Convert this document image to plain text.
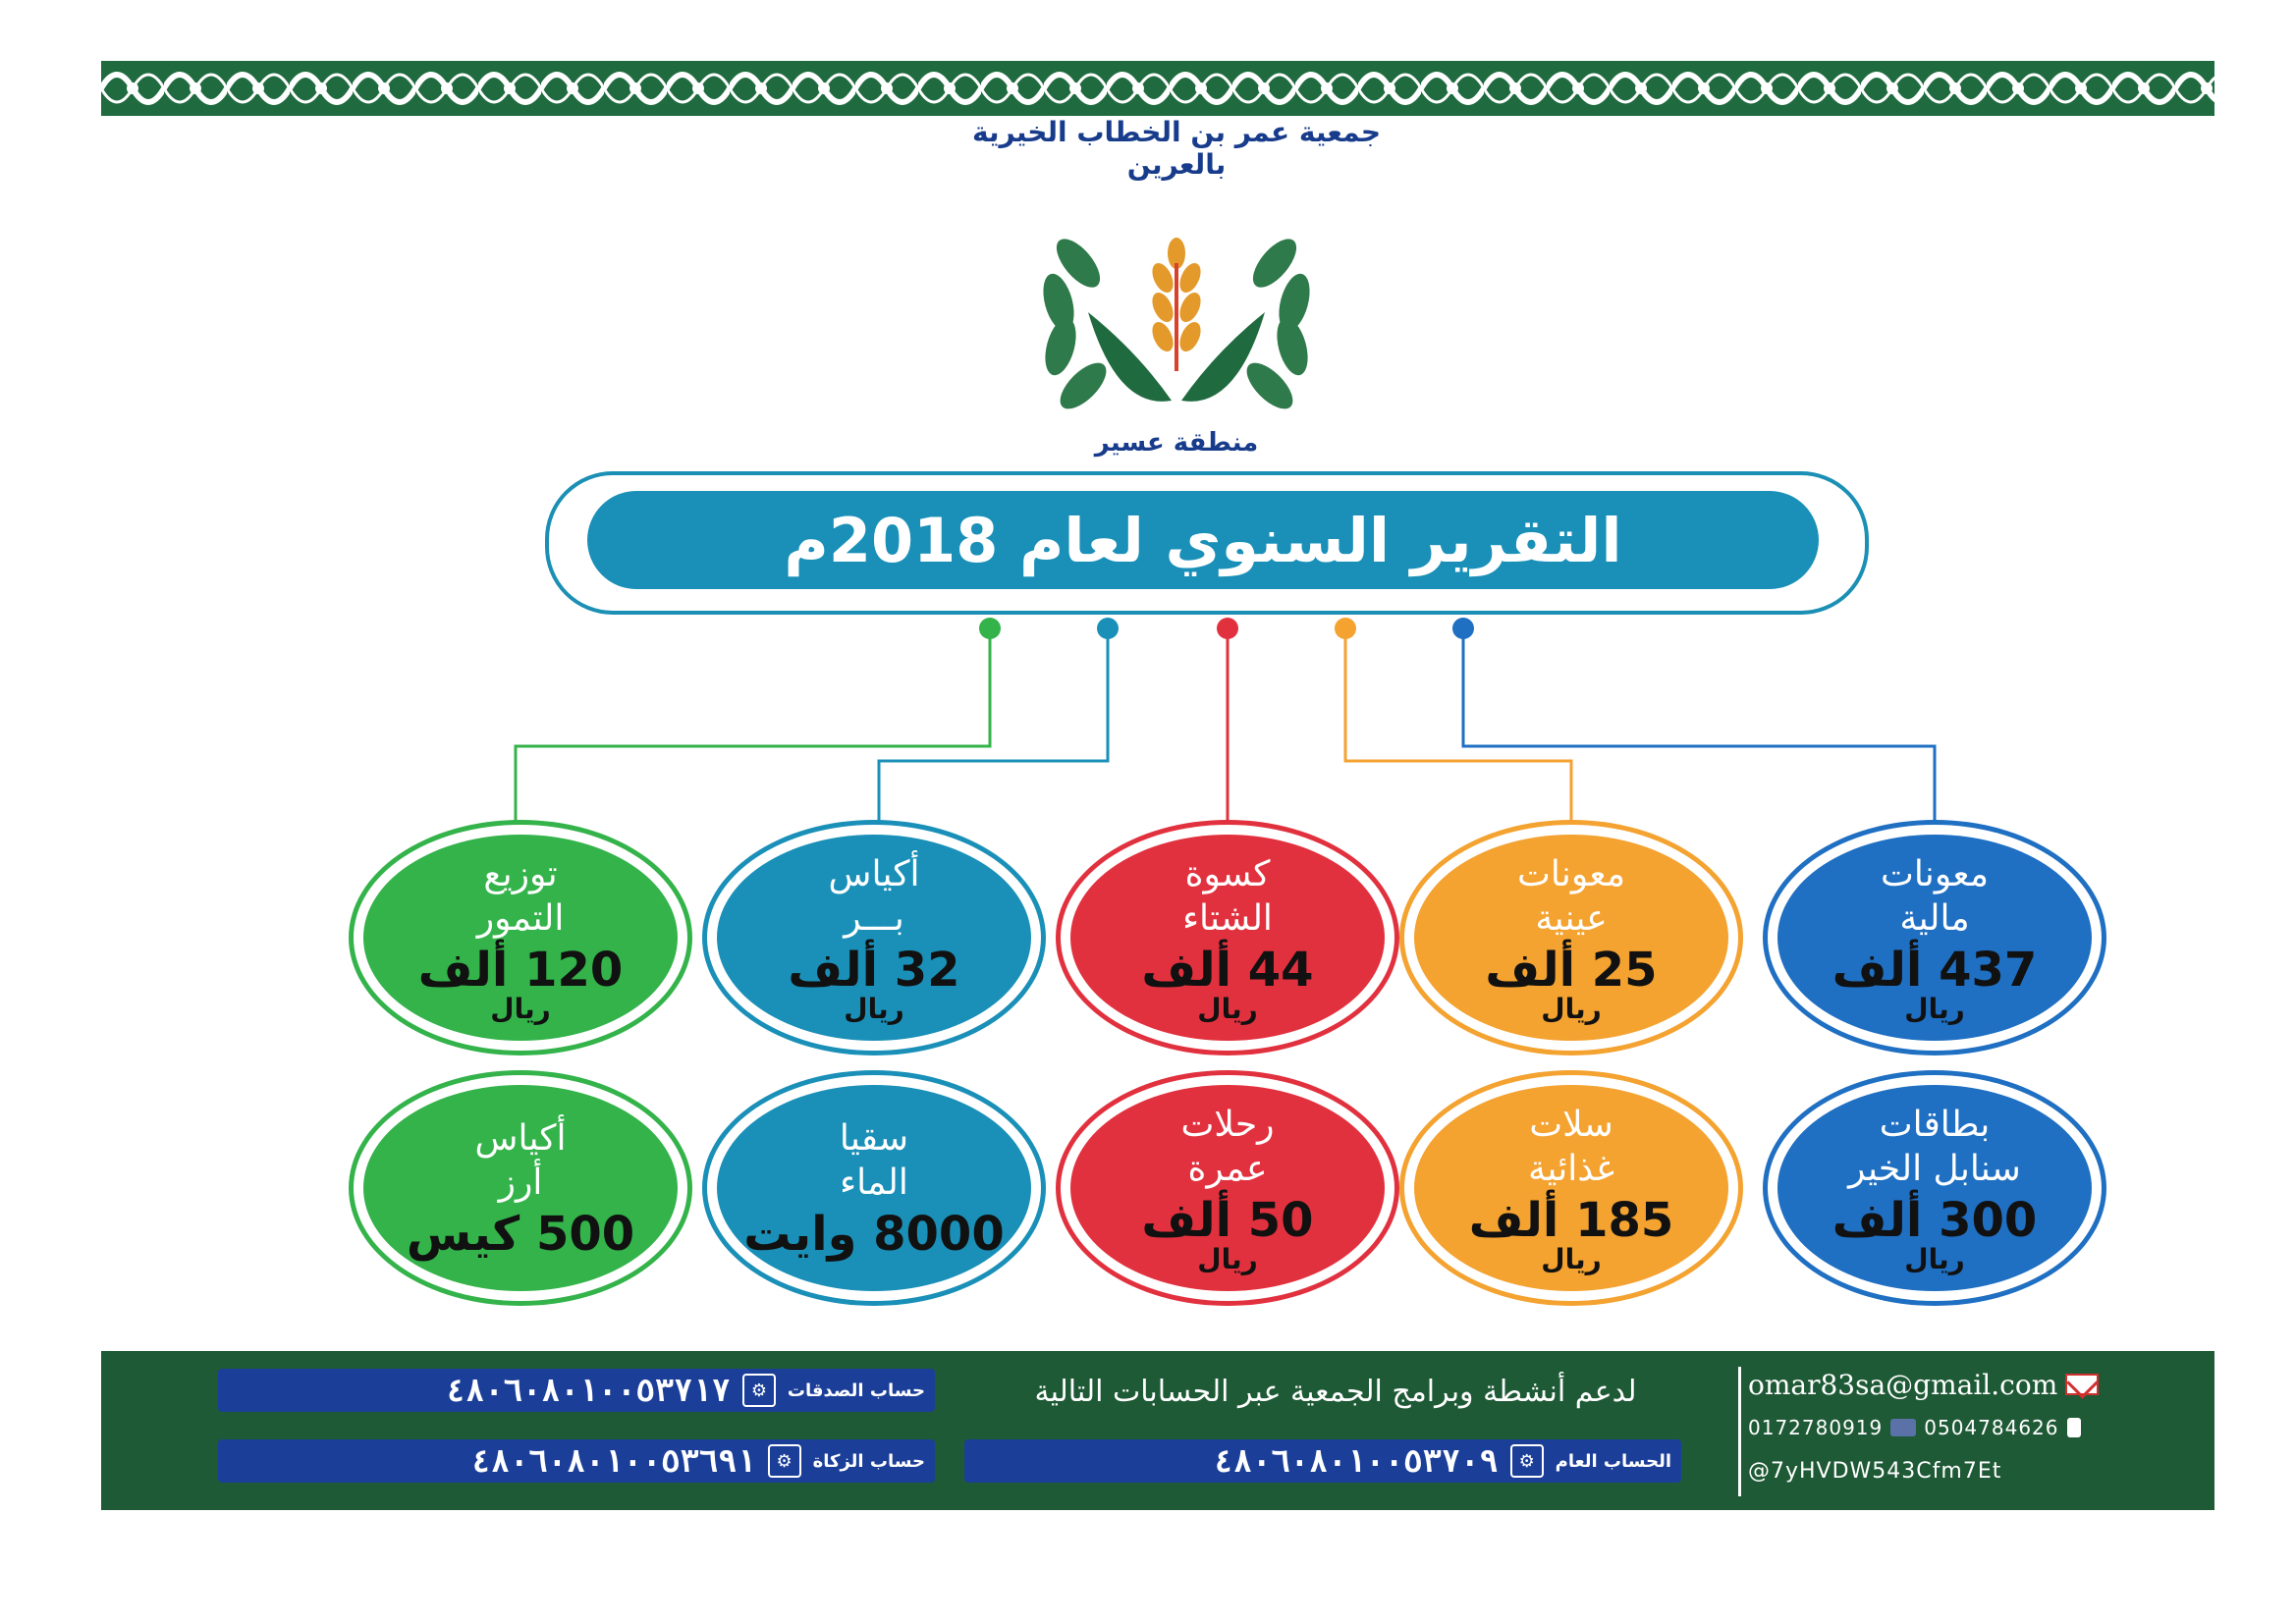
جمعية عمر بن الخطاب الخيرية بالعرين
منطقة عسير
التقرير السنوي لعام 2018م
معونات
مالية
437 ألف
ريال
معونات
عينية
25 ألف
ريال
كسوة
الشتاء
44 ألف
ريال
أكياس
بـــر
32 ألف
ريال
توزيع
التمور
120 ألف
ريال
بطاقات
سنابل الخير
300 ألف
ريال
سلات
غذائية
185 ألف
ريال
رحلات
عمرة
50 ألف
ريال
سقيا
الماء
8000 وايت
أكياس
أرز
500 كيس
حساب الصدقات
⚙
٤٨٠٦٠٨٠١٠٠٥٣٧١٧
حساب الزكاة
⚙
٤٨٠٦٠٨٠١٠٠٥٣٦٩١	الحساب العام
⚙
٤٨٠٦٠٨٠١٠٠٥٣٧٠٩
لدعم أنشطة وبرامج الجمعية عبر الحسابات التالية	omar83sa@gmail.com
0172780919 0504784626
@7yHVDW543Cfm7Et
